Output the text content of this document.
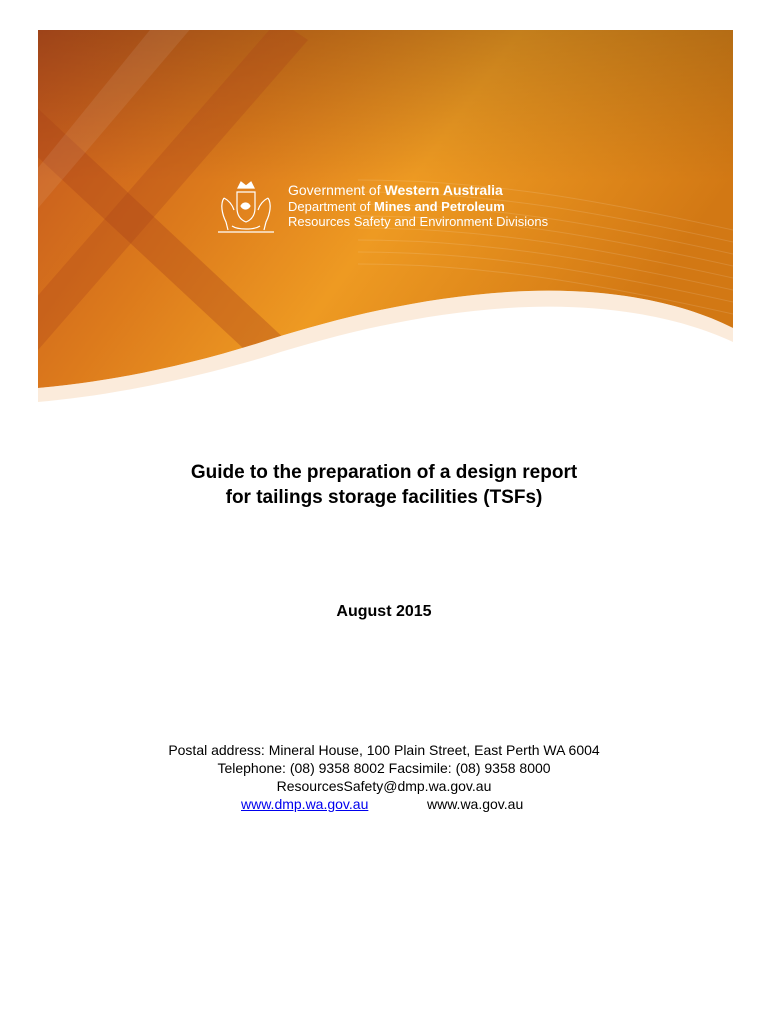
Government of Western Australia
Department of Mines and Petroleum
Resources Safety and Environment Divisions
Guide to the preparation of a design report
for tailings storage facilities (TSFs)
August 2015
Postal address: Mineral House, 100 Plain Street, East Perth WA 6004
Telephone: (08) 9358 8002 Facsimile: (08) 9358 8000
ResourcesSafety@dmp.wa.gov.au
www.dmp.wa.gov.au	www.wa.gov.au
